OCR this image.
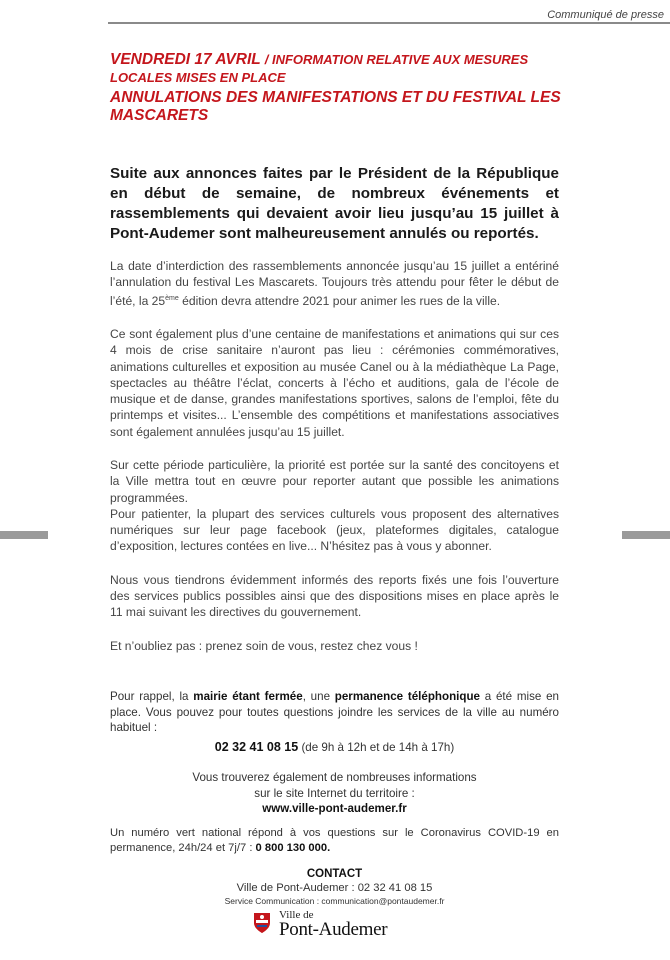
Communiqué de presse
VENDREDI 17 AVRIL / INFORMATION RELATIVE AUX MESURES LOCALES MISES EN PLACE
ANNULATIONS DES MANIFESTATIONS ET DU FESTIVAL LES MASCARETS
Suite aux annonces faites par le Président de la République en début de semaine, de nombreux événements et rassemblements qui devaient avoir lieu jusqu’au 15 juillet à Pont-Audemer sont malheureusement annulés ou reportés.

La date d’interdiction des rassemblements annoncée jusqu’au 15 juillet a entériné l’annulation du festival Les Mascarets. Toujours très attendu pour fêter le début de l’été, la 25ème édition devra attendre 2021 pour animer les rues de la ville.

Ce sont également plus d’une centaine de manifestations et animations qui sur ces 4 mois de crise sanitaire n’auront pas lieu : cérémonies commémoratives, animations culturelles et exposition au musée Canel ou à la médiathèque La Page, spectacles au théâtre l’éclat, concerts à l’écho et auditions, gala de l’école de musique et de danse, grandes manifestations sportives, salons de l’emploi, fête du printemps et visites... L’ensemble des compétitions et manifestations associatives sont également annulées jusqu’au 15 juillet.

Sur cette période particulière, la priorité est portée sur la santé des concitoyens et la Ville mettra tout en œuvre pour reporter autant que possible les animations programmées.

Pour patienter, la plupart des services culturels vous proposent des alternatives numériques sur leur page facebook (jeux, plateformes digitales, catalogue d’exposition, lectures contées en live... N’hésitez pas à vous y abonner.

Nous vous tiendrons évidemment informés des reports fixés une fois l’ouverture des services publics possibles ainsi que des dispositions mises en place après le 11 mai suivant les directives du gouvernement.

Et n’oubliez pas : prenez soin de vous, restez chez vous !

Pour rappel, la mairie étant fermée, une permanence téléphonique a été mise en place. Vous pouvez pour toutes questions joindre les services de la ville au numéro habituel :
02 32 41 08 15 (de 9h à 12h et de 14h à 17h)
Vous trouverez également de nombreuses informations
sur le site Internet du territoire :
www.ville-pont-audemer.fr
Un numéro vert national répond à vos questions sur le Coronavirus COVID-19 en permanence, 24h/24 et 7j/7 : 0 800 130 000.
CONTACT
Ville de Pont-Audemer : 02 32 41 08 15
Service Communication : communication@pontaudemer.fr
Ville de
Pont-Audemer
